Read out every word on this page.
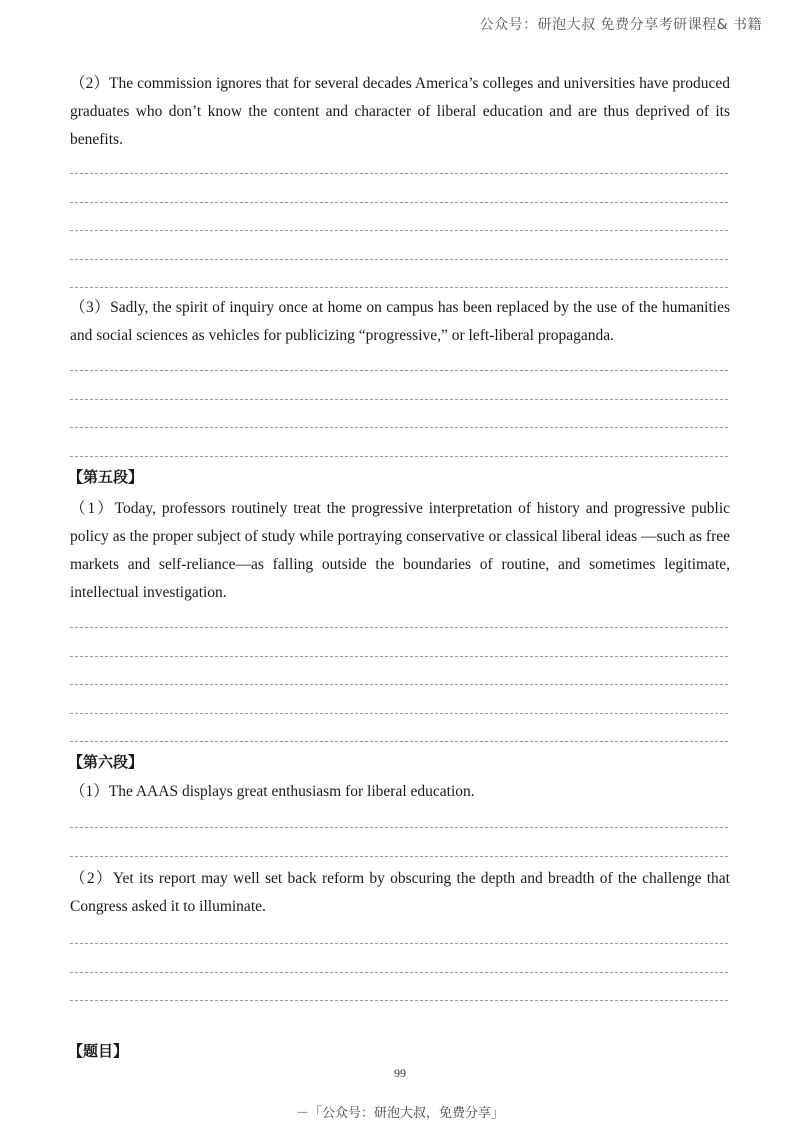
公众号：研泡大叔 免费分享考研课程& 书籍
（2）The commission ignores that for several decades America’s colleges and universities have produced graduates who don’t know the content and character of liberal education and are thus deprived of its benefits.
（3）Sadly, the spirit of inquiry once at home on campus has been replaced by the use of the humanities and social sciences as vehicles for publicizing “progressive,” or left-liberal propaganda.
【第五段】
（1）Today, professors routinely treat the progressive interpretation of history and progressive public policy as the proper subject of study while portraying conservative or classical liberal ideas —such as free markets and self-reliance—as falling outside the boundaries of routine, and sometimes legitimate, intellectual investigation.
【第六段】
（1）The AAAS displays great enthusiasm for liberal education.
（2）Yet its report may well set back reform by obscuring the depth and breadth of the challenge that Congress asked it to illuminate.
【题目】
99
－「公众号：研泡大叔，免费分享」
